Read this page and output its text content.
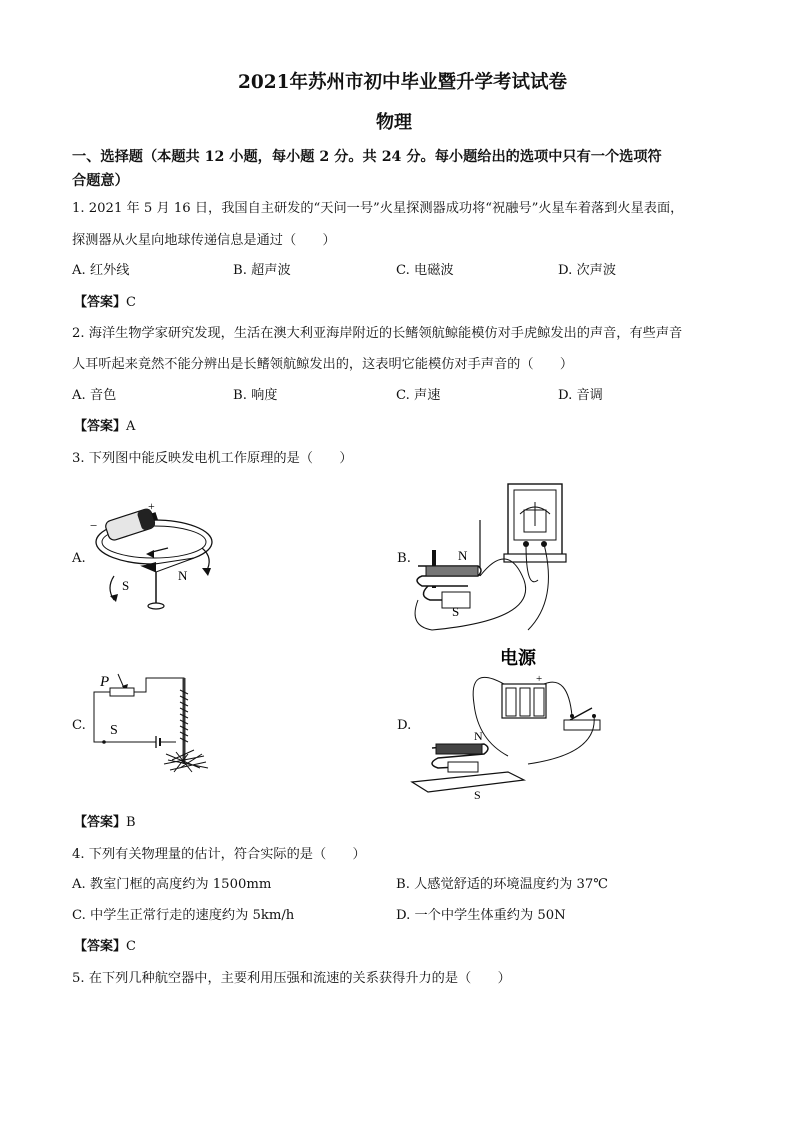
2021年苏州市初中毕业暨升学考试试卷
物理
一、选择题（本题共 12 小题，每小题 2 分。共 24 分。每小题给出的选项中只有一个选项符
合题意）
1. 2021 年 5 月 16 日，我国自主研发的“天问一号”火星探测器成功将“祝融号”火星车着落到火星表面，
探测器从火星向地球传递信息是通过（　　）
A. 红外线	B. 超声波	C. 电磁波	D. 次声波
【答案】C
2. 海洋生物学家研究发现，生活在澳大利亚海岸附近的长鳍领航鲸能模仿对手虎鲸发出的声音，有些声音
人耳听起来竟然不能分辨出是长鳍领航鲸发出的，这表明它能模仿对手声音的（　　）
A. 音色	B. 响度	C. 声速	D. 音调
【答案】A
3. 下列图中能反映发电机工作原理的是（　　）
A.
−
+
S
N
B.	N
S
C.
P
S	D.
电源
+
N
S
【答案】B
4. 下列有关物理量的估计，符合实际的是（　　）
A. 教室门框的高度约为 1500mm	B. 人感觉舒适的环境温度约为 37℃
C. 中学生正常行走的速度约为 5km/h	D. 一个中学生体重约为 50N
【答案】C
5. 在下列几种航空器中，主要利用压强和流速的关系获得升力的是（　　）
